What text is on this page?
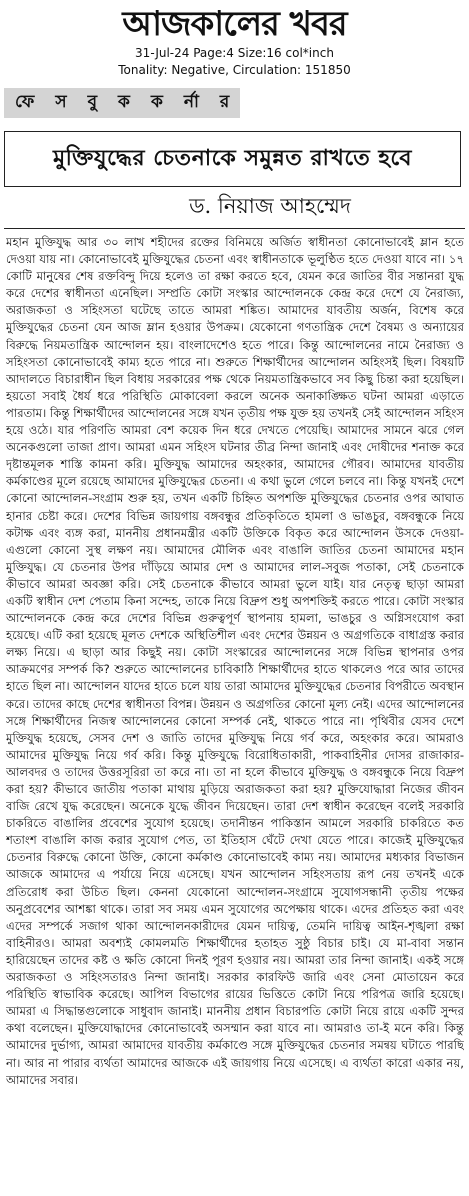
আজকালের খবর
31-Jul-24 Page:4 Size:16 col*inch
Tonality: Negative, Circulation: 151850
ফে স বু ক ক র্না র
মুক্তিযুদ্ধের চেতনাকে সমুন্নত রাখতে হবে
ড. নিয়াজ আহম্মেদ
মহান মুক্তিযুদ্ধ আর ৩০ লাখ শহীদের রক্তের বিনিময়ে অর্জিত স্বাধীনতা কোনোভাবেই ম্লান হতে দেওয়া যায় না। কোনোভাবেই মুক্তিযুদ্ধের চেতনা এবং স্বাধীনতাকে ভূলুণ্ঠিত হতে দেওয়া যাবে না। ১৭ কোটি মানুষের শেষ রক্তবিন্দু দিয়ে হলেও তা রক্ষা করতে হবে, যেমন করে জাতির বীর সন্তানরা যুদ্ধ করে দেশের স্বাধীনতা এনেছিল। সম্প্রতি কোটা সংস্কার আন্দোলনকে কেন্দ্র করে দেশে যে নৈরাজ্য, অরাজকতা ও সহিংসতা ঘটেছে তাতে আমরা শঙ্কিত। আমাদের যাবতীয় অর্জন, বিশেষ করে মুক্তিযুদ্ধের চেতনা যেন আজ ম্লান হওয়ার উপক্রম। যেকোনো গণতান্ত্রিক দেশে বৈষম্য ও অন্যায়ের বিরুদ্ধে নিয়মতান্ত্রিক আন্দোলন হয়। বাংলাদেশেও হতে পারে। কিন্তু আন্দোলনের নামে নৈরাজ্য ও সহিংসতা কোনোভাবেই কাম্য হতে পারে না। শুরুতে শিক্ষার্থীদের আন্দোলন অহিংসই ছিল। বিষয়টি আদালতে বিচারাধীন ছিল বিধায় সরকারের পক্ষ থেকে নিয়মতান্ত্রিকভাবে সব কিছু চিন্তা করা হয়েছিল। হয়তো সবাই ধৈর্য ধরে পরিস্থিতি মোকাবেলা করলে অনেক অনাকাঙ্ক্ষিত ঘটনা আমরা এড়াতে পারতাম। কিন্তু শিক্ষার্থীদের আন্দোলনের সঙ্গে যখন তৃতীয় পক্ষ যুক্ত হয় তখনই সেই আন্দোলন সহিংস হয়ে ওঠে। যার পরিণতি আমরা বেশ কয়েক দিন ধরে দেখতে পেয়েছি। আমাদের সামনে ঝরে গেল অনেকগুলো তাজা প্রাণ। আমরা এমন সহিংস ঘটনার তীব্র নিন্দা জানাই এবং দোষীদের শনাক্ত করে দৃষ্টান্তমূলক শাস্তি কামনা করি। মুক্তিযুদ্ধ আমাদের অহংকার, আমাদের গৌরব। আমাদের যাবতীয় কর্মকাণ্ডের মূলে রয়েছে আমাদের মুক্তিযুদ্ধের চেতনা। এ কথা ভুলে গেলে চলবে না। কিন্তু যখনই দেশে কোনো আন্দোলন-সংগ্রাম শুরু হয়, তখন একটি চিহ্নিত অপশক্তি মুক্তিযুদ্ধের চেতনার ওপর আঘাত হানার চেষ্টা করে। দেশের বিভিন্ন জায়গায় বঙ্গবন্ধুর প্রতিকৃতিতে হামলা ও ভাঙচুর, বঙ্গবন্ধুকে নিয়ে কটাক্ষ এবং ব্যঙ্গ করা, মাননীয় প্রধানমন্ত্রীর একটি উক্তিকে বিকৃত করে আন্দোলন উসকে দেওয়া-এগুলো কোনো সুস্থ লক্ষণ নয়। আমাদের মৌলিক এবং বাঙালি জাতির চেতনা আমাদের মহান মুক্তিযুদ্ধ। যে চেতনার উপর দাঁড়িয়ে আমার দেশ ও আমাদের লাল-সবুজ পতাকা, সেই চেতনাকে কীভাবে আমরা অবজ্ঞা করি। সেই চেতনাকে কীভাবে আমরা ভুলে যাই। যার নেতৃত্ব ছাড়া আমরা একটি স্বাধীন দেশ পেতাম কিনা সন্দেহ, তাকে নিয়ে বিদ্রুপ শুধু অপশক্তিই করতে পারে। কোটা সংস্কার আন্দোলনকে কেন্দ্র করে দেশের বিভিন্ন গুরুত্বপূর্ণ স্থাপনায় হামলা, ভাঙচুর ও অগ্নিসংযোগ করা হয়েছে। এটি করা হয়েছে মূলত দেশকে অস্থিতিশীল এবং দেশের উন্নয়ন ও অগ্রগতিকে বাধাগ্রস্ত করার লক্ষ্য নিয়ে। এ ছাড়া আর কিছুই নয়। কোটা সংস্কারের আন্দোলনের সঙ্গে বিভিন্ন স্থাপনার ওপর আক্রমণের সম্পর্ক কি? শুরুতে আন্দোলনের চাবিকাঠি শিক্ষার্থীদের হাতে থাকলেও পরে আর তাদের হাতে ছিল না। আন্দোলন যাদের হাতে চলে যায় তারা আমাদের মুক্তিযুদ্ধের চেতনার বিপরীতে অবস্থান করে। তাদের কাছে দেশের স্বাধীনতা বিপন্ন। উন্নয়ন ও অগ্রগতির কোনো মূল্য নেই। এদের আন্দোলনের সঙ্গে শিক্ষার্থীদের নিজস্ব আন্দোলনের কোনো সম্পর্ক নেই, থাকতে পারে না। পৃথিবীর যেসব দেশে মুক্তিযুদ্ধ হয়েছে, সেসব দেশ ও জাতি তাদের মুক্তিযুদ্ধ নিয়ে গর্ব করে, অহংকার করে। আমরাও আমাদের মুক্তিযুদ্ধ নিয়ে গর্ব করি। কিন্তু মুক্তিযুদ্ধে বিরোধিতাকারী, পাকবাহিনীর দোসর রাজাকার-আলবদর ও তাদের উত্তরসূরিরা তা করে না। তা না হলে কীভাবে মুক্তিযুদ্ধ ও বঙ্গবন্ধুকে নিয়ে বিদ্রুপ করা হয়? কীভাবে জাতীয় পতাকা মাথায় মুড়িয়ে অরাজকতা করা হয়? মুক্তিযোদ্ধারা নিজের জীবন বাজি রেখে যুদ্ধ করেছেন। অনেকে যুদ্ধে জীবন দিয়েছেন। তারা দেশ স্বাধীন করেছেন বলেই সরকারি চাকরিতে বাঙালির প্রবেশের সুযোগ হয়েছে। তদানীন্তন পাকিস্তান আমলে সরকারি চাকরিতে কত শতাংশ বাঙালি কাজ করার সুযোগ পেত, তা ইতিহাস ঘেঁটে দেখা যেতে পারে। কাজেই মুক্তিযুদ্ধের চেতনার বিরুদ্ধে কোনো উক্তি, কোনো কর্মকাণ্ড কোনোভাবেই কাম্য নয়। আমাদের মধ্যকার বিভাজন আজকে আমাদের এ পর্যায়ে নিয়ে এসেছে। যখন আন্দোলন সহিংসতায় রূপ নেয় তখনই একে প্রতিরোধ করা উচিত ছিল। কেননা যেকোনো আন্দোলন-সংগ্রামে সুযোগসন্ধানী তৃতীয় পক্ষের অনুপ্রবেশের আশঙ্কা থাকে। তারা সব সময় এমন সুযোগের অপেক্ষায় থাকে। এদের প্রতিহত করা এবং এদের সম্পর্কে সজাগ থাকা আন্দোলনকারীদের যেমন দায়িত্ব, তেমনি দায়িত্ব আইন-শৃঙ্খলা রক্ষা বাহিনীরও। আমরা অবশ্যই কোমলমতি শিক্ষার্থীদের হতাহত সুষ্ঠু বিচার চাই। যে মা-বাবা সন্তান হারিয়েছেন তাদের কষ্ট ও ক্ষতি কোনো দিনই পূরণ হওয়ার নয়। আমরা তার নিন্দা জানাই। একই সঙ্গে অরাজকতা ও সহিংসতারও নিন্দা জানাই। সরকার কারফিউ জারি এবং সেনা মোতায়েন করে পরিস্থিতি স্বাভাবিক করেছে। আপিল বিভাগের রায়ের ভিত্তিতে কোটা নিয়ে পরিপত্র জারি হয়েছে। আমরা এ সিদ্ধান্তগুলোকে সাধুবাদ জানাই। মাননীয় প্রধান বিচারপতি কোটা নিয়ে রায়ে একটি সুন্দর কথা বলেছেন। মুক্তিযোদ্ধাদের কোনোভাবেই অসম্মান করা যাবে না। আমরাও তা-ই মনে করি। কিন্তু আমাদের দুর্ভাগ্য, আমরা আমাদের যাবতীয় কর্মকাণ্ডে সঙ্গে মুক্তিযুদ্ধের চেতনার সমন্বয় ঘটাতে পারছি না। আর না পারার ব্যর্থতা আমাদের আজকে এই জায়গায় নিয়ে এসেছে। এ ব্যর্থতা কারো একার নয়, আমাদের সবার।
